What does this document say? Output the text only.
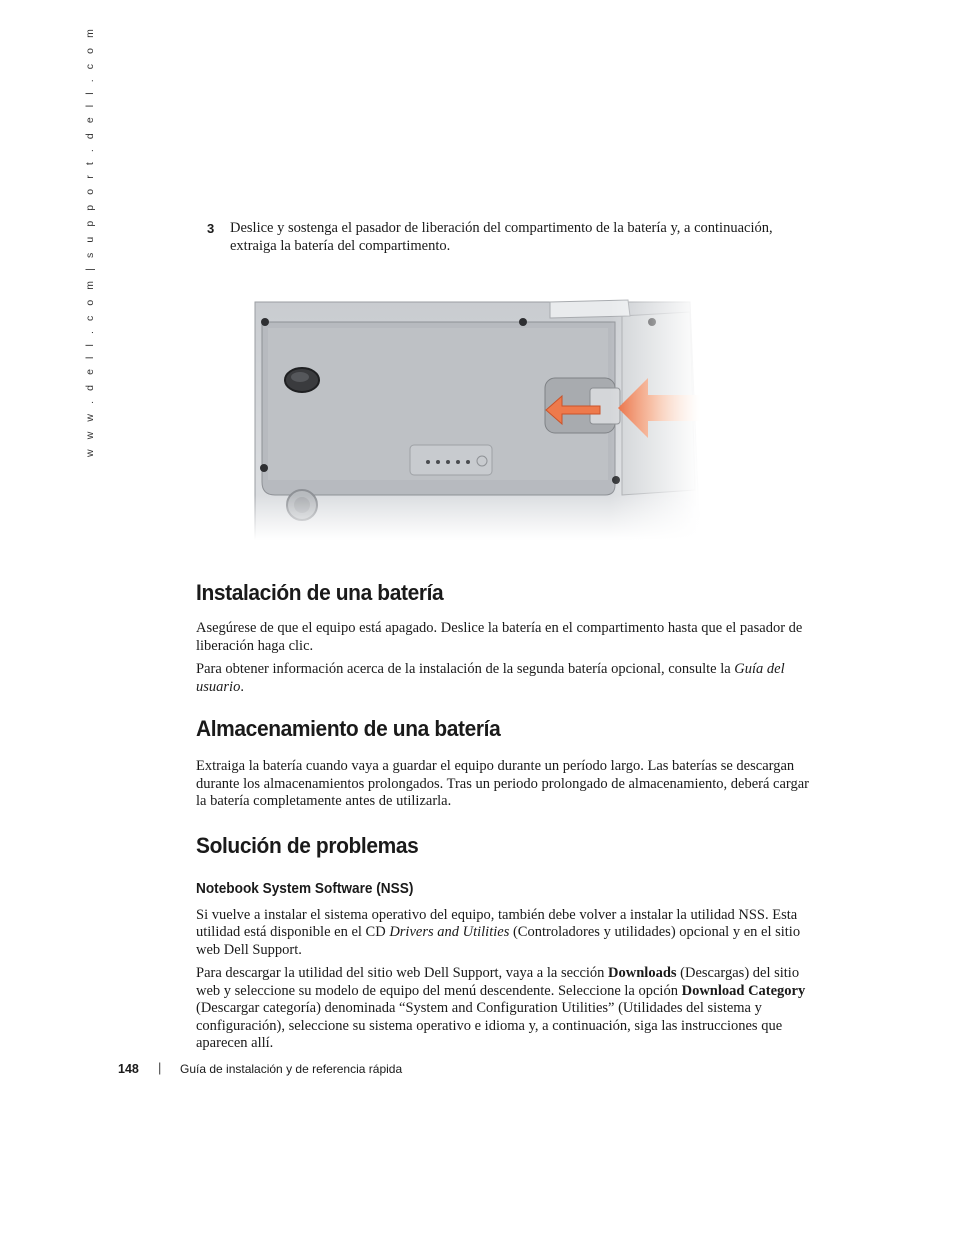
w w w . d e l l . c o m | s u p p o r t . d e l l . c o m	3 Deslice y sostenga el pasador de liberación del compartimento de la batería y, a continuación, extraiga la batería del compartimento.
Instalación de una batería

Asegúrese de que el equipo está apagado. Deslice la batería en el compartimento hasta que el pasador de liberación haga clic.

Para obtener información acerca de la instalación de la segunda batería opcional, consulte la Guía del usuario.

Almacenamiento de una batería

Extraiga la batería cuando vaya a guardar el equipo durante un período largo. Las baterías se descargan durante los almacenamientos prolongados. Tras un periodo prolongado de almacenamiento, deberá cargar la batería completamente antes de utilizarla.

Solución de problemas
Notebook System Software (NSS)

Si vuelve a instalar el sistema operativo del equipo, también debe volver a instalar la utilidad NSS. Esta utilidad está disponible en el CD Drivers and Utilities (Controladores y utilidades) opcional y en el sitio web Dell Support.

Para descargar la utilidad del sitio web Dell Support, vaya a la sección Downloads (Descargas) del sitio web y seleccione su modelo de equipo del menú descendente. Seleccione la opción Download Category (Descargar categoría) denominada “System and Configuration Utilities” (Utilidades del sistema y configuración), seleccione su sistema operativo e idioma y, a continuación, siga las instrucciones que aparecen allí.

148 | Guía de instalación y de referencia rápida
